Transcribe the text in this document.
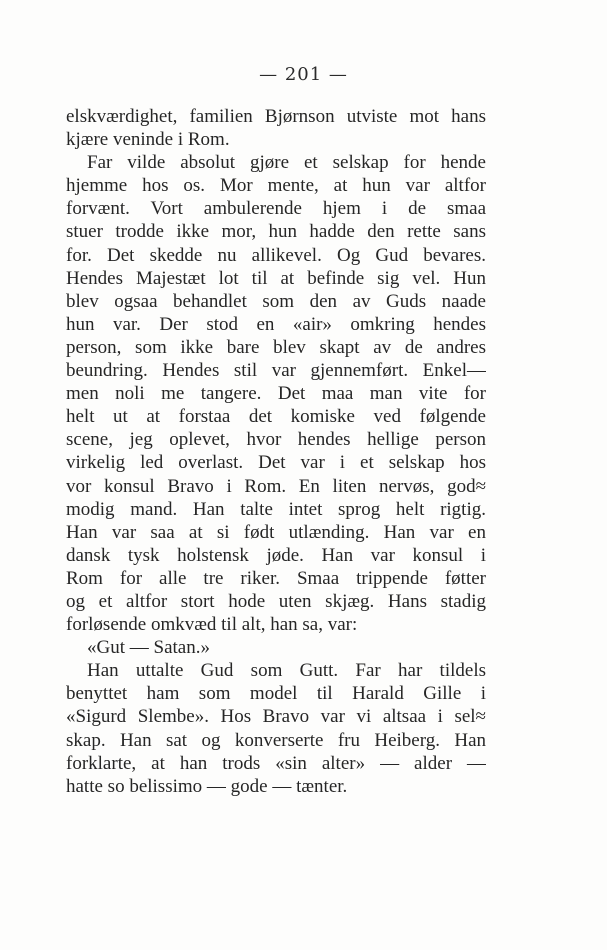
— 201 —
elskværdighet, familien Bjørnson utviste mot hans
kjære veninde i Rom.
Far vilde absolut gjøre et selskap for hende
hjemme hos os. Mor mente, at hun var altfor
forvænt. Vort ambulerende hjem i de smaa
stuer trodde ikke mor, hun hadde den rette sans
for. Det skedde nu allikevel. Og Gud bevares.
Hendes Majestæt lot til at befinde sig vel. Hun
blev ogsaa behandlet som den av Guds naade
hun var. Der stod en «air» omkring hendes
person, som ikke bare blev skapt av de andres
beundring. Hendes stil var gjennemført. Enkel—
men noli me tangere. Det maa man vite for
helt ut at forstaa det komiske ved følgende
scene, jeg oplevet, hvor hendes hellige person
virkelig led overlast. Det var i et selskap hos
vor konsul Bravo i Rom. En liten nervøs, god≈
modig mand. Han talte intet sprog helt rigtig.
Han var saa at si født utlænding. Han var en
dansk tysk holstensk jøde. Han var konsul i
Rom for alle tre riker. Smaa trippende føtter
og et altfor stort hode uten skjæg. Hans stadig
forløsende omkvæd til alt, han sa, var:
«Gut — Satan.»
Han uttalte Gud som Gutt. Far har tildels
benyttet ham som model til Harald Gille i
«Sigurd Slembe». Hos Bravo var vi altsaa i sel≈
skap. Han sat og konverserte fru Heiberg. Han
forklarte, at han trods «sin alter» — alder —
hatte so belissimo — gode — tænter.
